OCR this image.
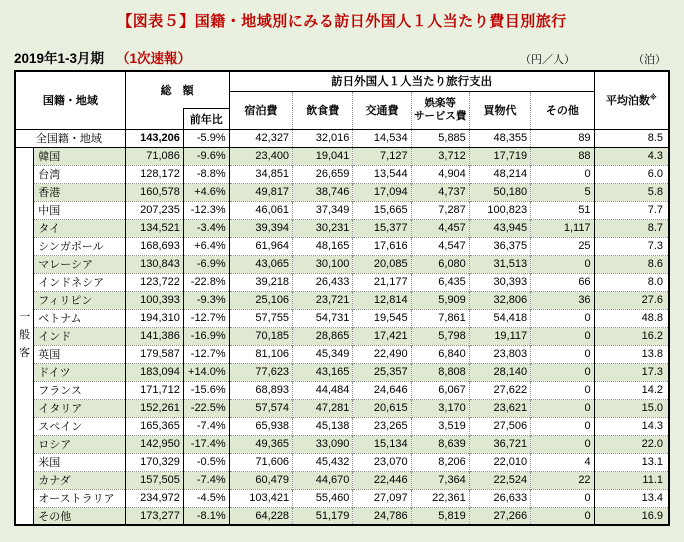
【図表５】国籍・地域別にみる訪日外国人１人当たり費目別旅行
2019年1-3月期 （1次速報）	（円／人）	（泊）
国籍・地域		総　額		訪日外国人１人当たり旅行支出						平均泊数※
				宿泊費	飲食費	交通費	娯楽等
サービス費	買物代	その他	
			前年比							
全国籍・地域		143,206	-5.9%	42,327	32,016	14,534	5,885	48,355	89	8.5
一般客	韓国	71,086	-9.6%	23,400	19,041	7,127	3,712	17,719	88	4.3
	台湾	128,172	-8.8%	34,851	26,659	13,544	4,904	48,214	0	6.0
	香港	160,578	+4.6%	49,817	38,746	17,094	4,737	50,180	5	5.8
	中国	207,235	-12.3%	46,061	37,349	15,665	7,287	100,823	51	7.7
	タイ	134,521	-3.4%	39,394	30,231	15,377	4,457	43,945	1,117	8.7
	シンガポール	168,693	+6.4%	61,964	48,165	17,616	4,547	36,375	25	7.3
	マレーシア	130,843	-6.9%	43,065	30,100	20,085	6,080	31,513	0	8.6
	インドネシア	123,722	-22.8%	39,218	26,433	21,177	6,435	30,393	66	8.0
	フィリピン	100,393	-9.3%	25,106	23,721	12,814	5,909	32,806	36	27.6
	ベトナム	194,310	-12.7%	57,755	54,731	19,545	7,861	54,418	0	48.8
	インド	141,386	-16.9%	70,185	28,865	17,421	5,798	19,117	0	16.2
	英国	179,587	-12.7%	81,106	45,349	22,490	6,840	23,803	0	13.8
	ドイツ	183,094	+14.0%	77,623	43,165	25,357	8,808	28,140	0	17.3
	フランス	171,712	-15.6%	68,893	44,484	24,646	6,067	27,622	0	14.2
	イタリア	152,261	-22.5%	57,574	47,281	20,615	3,170	23,621	0	15.0
	スペイン	165,365	-7.4%	65,938	45,138	23,265	3,519	27,506	0	14.3
	ロシア	142,950	-17.4%	49,365	33,090	15,134	8,639	36,721	0	22.0
	米国	170,329	-0.5%	71,606	45,432	23,070	8,206	22,010	4	13.1
	カナダ	157,505	-7.4%	60,479	44,670	22,446	7,364	22,524	22	11.1
	オーストラリア	234,972	-4.5%	103,421	55,460	27,097	22,361	26,633	0	13.4
	その他	173,277	-8.1%	64,228	51,179	24,786	5,819	27,266	0	16.9
